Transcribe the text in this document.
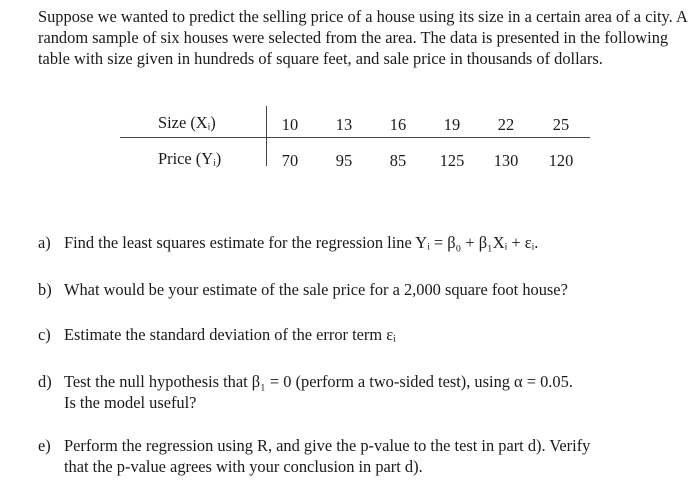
Suppose we wanted to predict the selling price of a house using its size in a certain area of a city. A random sample of six houses were selected from the area. The data is presented in the following table with size given in hundreds of square feet, and sale price in thousands of dollars.

Size (Xᵢ)	10	13	16	19	22	25
Price (Yᵢ)	70	95	85	125	130	120

a) Find the least squares estimate for the regression line Yᵢ = β₀ + β₁Xᵢ + εᵢ.

b) What would be your estimate of the sale price for a 2,000 square foot house?

c) Estimate the standard deviation of the error term εᵢ

d) Test the null hypothesis that β₁ = 0 (perform a two-sided test), using α = 0.05.
Is the model useful?

e) Perform the regression using R, and give the p-value to the test in part d). Verify
that the p-value agrees with your conclusion in part d).
